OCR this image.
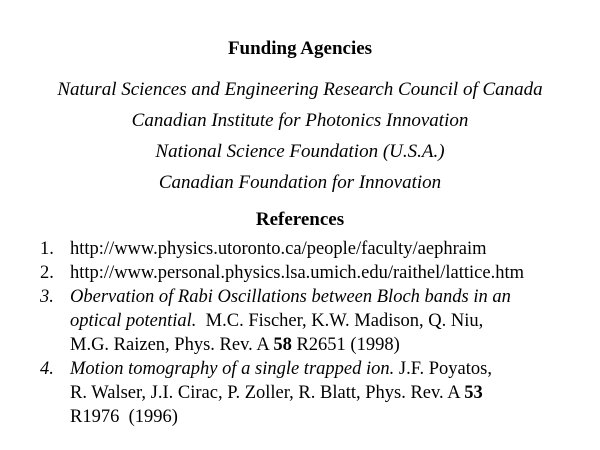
Funding Agencies
Natural Sciences and Engineering Research Council of Canada
Canadian Institute for Photonics Innovation
National Science Foundation (U.S.A.)
Canadian Foundation for Innovation
References
1. http://www.physics.utoronto.ca/people/faculty/aephraim
2. http://www.personal.physics.lsa.umich.edu/raithel/lattice.htm
3. Obervation of Rabi Oscillations between Bloch bands in an
optical potential.  M.C. Fischer, K.W. Madison, Q. Niu,
M.G. Raizen, Phys. Rev. A 58 R2651 (1998)
4. Motion tomography of a single trapped ion. J.F. Poyatos,
R. Walser, J.I. Cirac, P. Zoller, R. Blatt, Phys. Rev. A 53
R1976  (1996)
